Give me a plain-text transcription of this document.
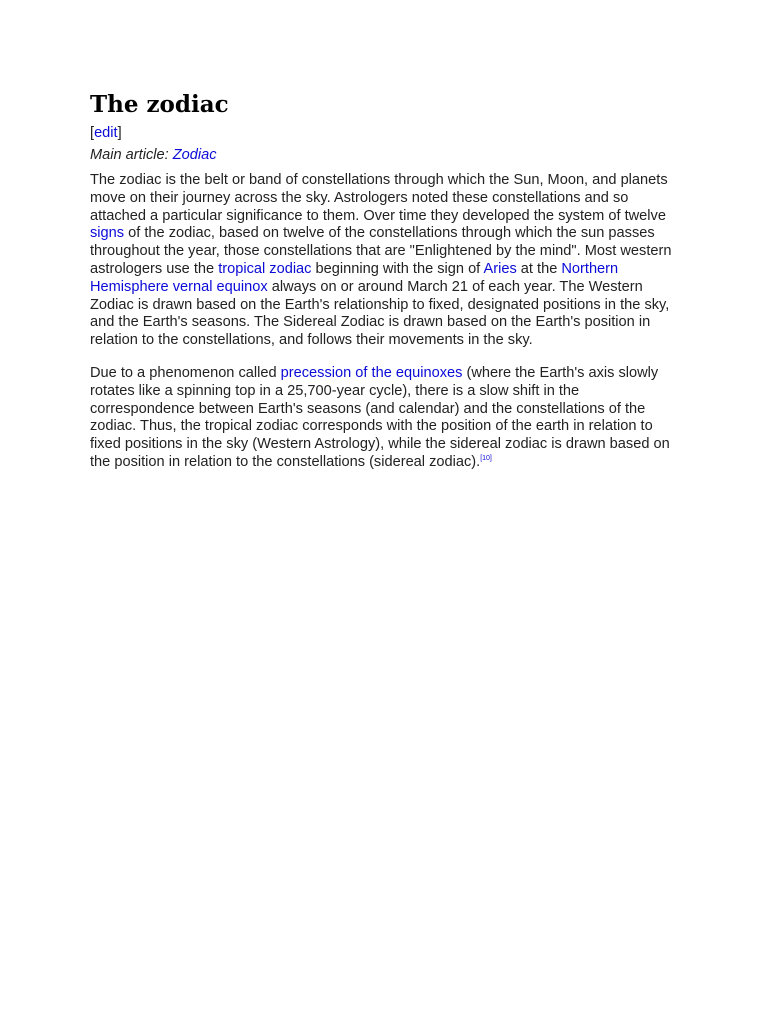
The zodiac
[edit]
Main article: Zodiac

The zodiac is the belt or band of constellations through which the Sun, Moon, and planets move on their journey across the sky. Astrologers noted these constellations and so attached a particular significance to them. Over time they developed the system of twelve signs of the zodiac, based on twelve of the constellations through which the sun passes throughout the year, those constellations that are "Enlightened by the mind". Most western astrologers use the tropical zodiac beginning with the sign of Aries at the Northern Hemisphere vernal equinox always on or around March 21 of each year. The Western Zodiac is drawn based on the Earth's relationship to fixed, designated positions in the sky, and the Earth's seasons. The Sidereal Zodiac is drawn based on the Earth's position in relation to the constellations, and follows their movements in the sky.

Due to a phenomenon called precession of the equinoxes (where the Earth's axis slowly rotates like a spinning top in a 25,700-year cycle), there is a slow shift in the correspondence between Earth's seasons (and calendar) and the constellations of the zodiac. Thus, the tropical zodiac corresponds with the position of the earth in relation to fixed positions in the sky (Western Astrology), while the sidereal zodiac is drawn based on the position in relation to the constellations (sidereal zodiac).[10]
